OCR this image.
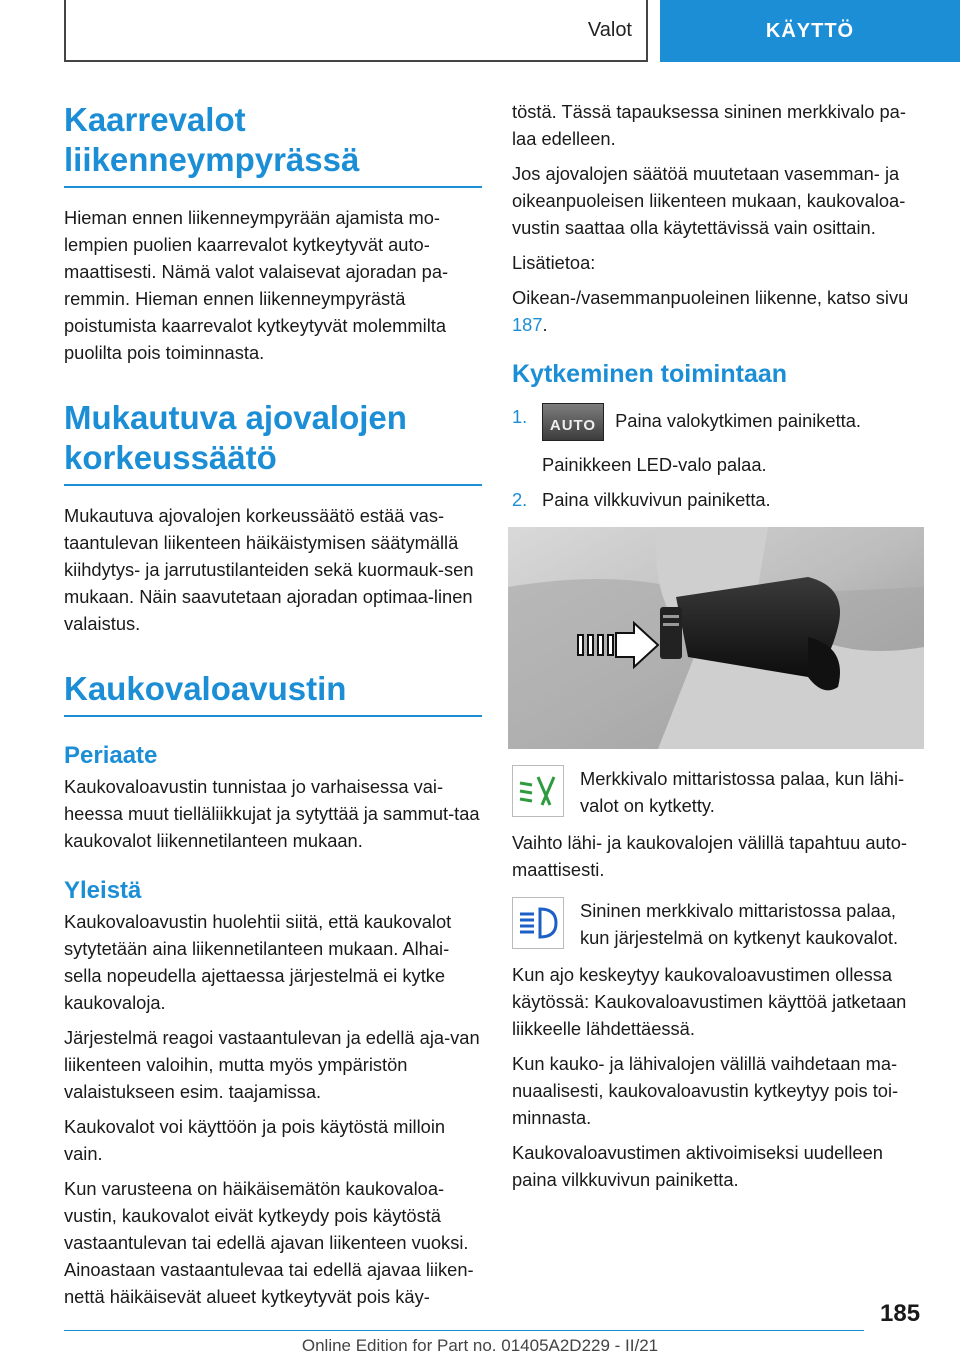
Valot	KÄYTTÖ
Kaarrevalot liikenneympyrässä

Hieman ennen liikenneympyrään ajamista mo-lempien puolien kaarrevalot kytkeytyvät auto-maattisesti. Nämä valot valaisevat ajoradan pa-remmin. Hieman ennen liikenneympyrästä poistumista kaarrevalot kytkeytyvät molemmilta puolilta pois toiminnasta.

Mukautuva ajovalojen korkeussäätö

Mukautuva ajovalojen korkeussäätö estää vas-taantulevan liikenteen häikäistymisen säätymällä kiihdytys- ja jarrutustilanteiden sekä kuormauk-sen mukaan. Näin saavutetaan ajoradan optimaa-linen valaistus.

Kaukovaloavustin
Periaate

Kaukovaloavustin tunnistaa jo varhaisessa vai-heessa muut tielläliikkujat ja sytyttää ja sammut-taa kaukovalot liikennetilanteen mukaan.

Yleistä

Kaukovaloavustin huolehtii siitä, että kaukovalot sytytetään aina liikennetilanteen mukaan. Alhai-sella nopeudella ajettaessa järjestelmä ei kytke kaukovaloja.

Järjestelmä reagoi vastaantulevan ja edellä aja-van liikenteen valoihin, mutta myös ympäristön valaistukseen esim. taajamissa.

Kaukovalot voi käyttöön ja pois käytöstä milloin vain.

Kun varusteena on häikäisemätön kaukovaloa-vustin, kaukovalot eivät kytkeydy pois käytöstä vastaantulevan tai edellä ajavan liikenteen vuoksi. Ainoastaan vastaantulevaa tai edellä ajavaa liiken-nettä häikäisevät alueet kytkeytyvät pois käy-

töstä. Tässä tapauksessa sininen merkkivalo pa-laa edelleen.

Jos ajovalojen säätöä muutetaan vasemman- ja oikeanpuoleisen liikenteen mukaan, kaukovaloa-vustin saattaa olla käytettävissä vain osittain.

Lisätietoa:

Oikean-/vasemmanpuoleinen liikenne, katso sivu 187.

Kytkeminen toimintaan
1.	AUTO	Paina valokytkimen painiketta.
Painikkeen LED-valo palaa.
2. Paina vilkkuvivun painiketta.

Merkkivalo mittaristossa palaa, kun lähi-valot on kytketty.

Vaihto lähi- ja kaukovalojen välillä tapahtuu auto-maattisesti.

Sininen merkkivalo mittaristossa palaa, kun järjestelmä on kytkenyt kaukovalot.

Kun ajo keskeytyy kaukovaloavustimen ollessa käytössä: Kaukovaloavustimen käyttöä jatketaan liikkeelle lähdettäessä.

Kun kauko- ja lähivalojen välillä vaihdetaan ma-nuaalisesti, kaukovaloavustin kytkeytyy pois toi-minnasta.

Kaukovaloavustimen aktivoimiseksi uudelleen paina vilkkuvivun painiketta.

185
Online Edition for Part no. 01405A2D229 - II/21
